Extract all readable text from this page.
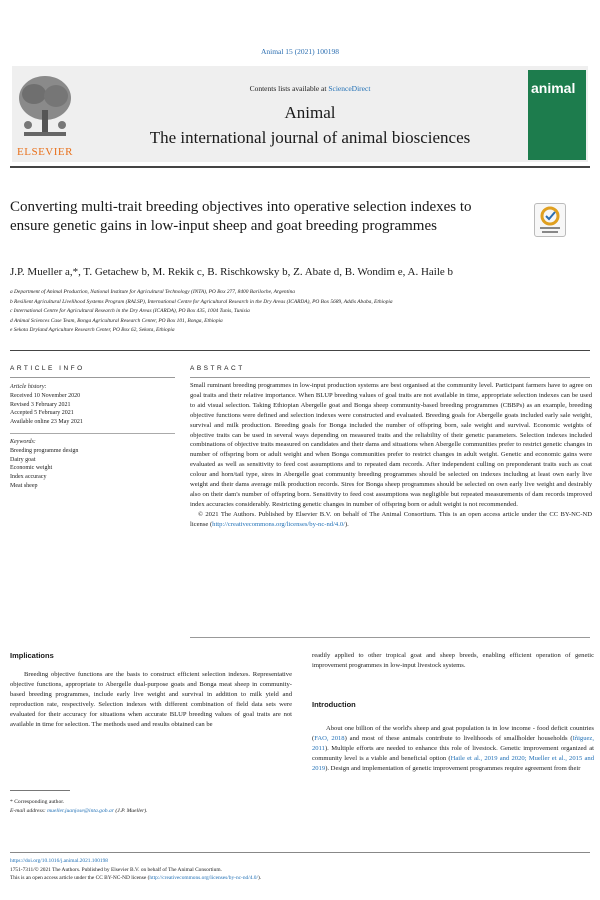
Animal 15 (2021) 100198
ELSEVIER
Contents lists available at ScienceDirect
Animal
The international journal of animal biosciences
animal
Converting multi-trait breeding objectives into operative selection indexes to ensure genetic gains in low-input sheep and goat breeding programmes
J.P. Mueller a,*, T. Getachew b, M. Rekik c, B. Rischkowsky b, Z. Abate d, B. Wondim e, A. Haile b
a Department of Animal Production, National Institute for Agricultural Technology (INTA), PO Box 277, 8400 Bariloche, Argentina
b Resilient Agricultural Livelihood Systems Program (RALSP), International Centre for Agricultural Research in the Dry Areas (ICARDA), PO Box 5689, Addis Ababa, Ethiopia
c International Centre for Agricultural Research in the Dry Areas (ICARDA), PO Box 435, 1004 Tunis, Tunisia
d Animal Sciences Case Team, Bonga Agricultural Research Center, PO Box 101, Bonga, Ethiopia
e Sekota Dryland Agriculture Research Center, PO Box 62, Sekota, Ethiopia
ARTICLE INFO	ABSTRACT
Article history:
Received 10 November 2020
Revised 3 February 2021
Accepted 5 February 2021
Available online 23 May 2021
Keywords:
Breeding programme design
Dairy goat
Economic weight
Index accuracy
Meat sheep
Small ruminant breeding programmes in low-input production systems are best organised at the community level. Participant farmers have to agree on goal traits and their relative importance. When BLUP breeding values of goal traits are not available in time, appropriate selection indexes can be used to aid visual selection. Taking Ethiopian Abergelle goat and Bonga sheep community-based breeding programmes (CBBPs) as an example, breeding objective functions were defined and selection indexes were constructed and evaluated. Breeding goals for Abergelle goats included early sale weight, survival and milk production. Breeding goals for Bonga included the number of offspring born, sale weight and survival. Economic weights of objective traits can be used in several ways depending on measured traits and the reliability of their genetic parameters. Selection indexes included combinations of objective traits measured on candidates and their dams and situations when Abergelle communities prefer to restrict genetic changes in number of offspring born or adult weight and when Bonga communities prefer to restrict changes in adult weight. Genetic and economic gains were evaluated as well as sensitivity to feed cost assumptions and to repeated dam records. After independent culling on preponderant traits such as coat colour and horn/tail type, sires in Abergelle goat community breeding programmes should be selected on indexes including at least own early live weight and their dams average milk production records. Sires for Bonga sheep programmes should be selected on own early live weight and desirably also on their dam's number of offspring born. Sensitivity to feed cost assumptions was negligible but repeated measurements of dam records improved index accuracies considerably. Restricting genetic changes in number of offspring born or adult weight is not recommended.
© 2021 The Authors. Published by Elsevier B.V. on behalf of The Animal Consortium. This is an open access article under the CC BY-NC-ND license (http://creativecommons.org/licenses/by-nc-nd/4.0/).
Implications
Breeding objective functions are the basis to construct efficient selection indexes. Representative objective functions, appropriate to Abergelle dual-purpose goats and Bonga meat sheep in community-based breeding programmes, include early live weight and survival in addition to milk yield and reproduction rate, respectively. Selection indexes with different combination of field data sets were evaluated for their accuracy for situations when accurate BLUP breeding values of goal traits are not available in time for selection. The methods used and results obtained can be
readily applied to other tropical goat and sheep breeds, enabling efficient operation of genetic improvement programmes in low-input livestock systems.
Introduction
About one billion of the world's sheep and goat population is in low income - food deficit countries (FAO, 2018) and most of these animals contribute to livelihoods of smallholder households (Iñiguez, 2011). Multiple efforts are needed to enhance this role of livestock. Genetic improvement organized at community level is a viable and beneficial option (Haile et al., 2019 and 2020; Mueller et al., 2015 and 2019). Design and implementation of genetic improvement programmes require agreement from their
* Corresponding author.
E-mail address: mueller.juanjose@inta.gob.ar (J.P. Mueller).
https://doi.org/10.1016/j.animal.2021.100198
1751-7311/© 2021 The Authors. Published by Elsevier B.V. on behalf of The Animal Consortium.
This is an open access article under the CC BY-NC-ND license (http://creativecommons.org/licenses/by-nc-nd/4.0/).
